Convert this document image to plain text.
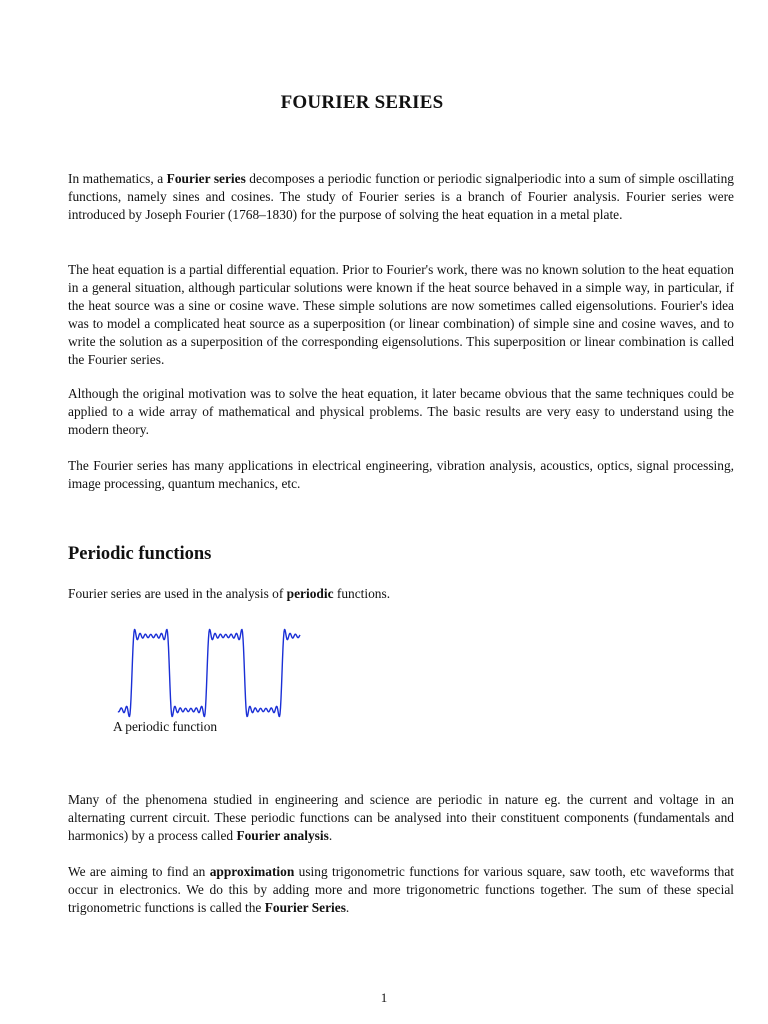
FOURIER SERIES

In mathematics, a Fourier series decomposes a periodic function or periodic signalperiodic into a sum of simple oscillating functions, namely sines and cosines. The study of Fourier series is a branch of Fourier analysis. Fourier series were introduced by Joseph Fourier (1768–1830) for the purpose of solving the heat equation in a metal plate.

The heat equation is a partial differential equation. Prior to Fourier's work, there was no known solution to the heat equation in a general situation, although particular solutions were known if the heat source behaved in a simple way, in particular, if the heat source was a sine or cosine wave. These simple solutions are now sometimes called eigensolutions. Fourier's idea was to model a complicated heat source as a superposition (or linear combination) of simple sine and cosine waves, and to write the solution as a superposition of the corresponding eigensolutions. This superposition or linear combination is called the Fourier series.

Although the original motivation was to solve the heat equation, it later became obvious that the same techniques could be applied to a wide array of mathematical and physical problems. The basic results are very easy to understand using the modern theory.

The Fourier series has many applications in electrical engineering, vibration analysis, acoustics, optics, signal processing, image processing, quantum mechanics, etc.

Periodic functions

Fourier series are used in the analysis of periodic functions.

A periodic function

Many of the phenomena studied in engineering and science are periodic in nature eg. the current and voltage in an alternating current circuit. These periodic functions can be analysed into their constituent components (fundamentals and harmonics) by a process called Fourier analysis.

We are aiming to find an approximation using trigonometric functions for various square, saw tooth, etc waveforms that occur in electronics. We do this by adding more and more trigonometric functions together. The sum of these special trigonometric functions is called the Fourier Series.

1
